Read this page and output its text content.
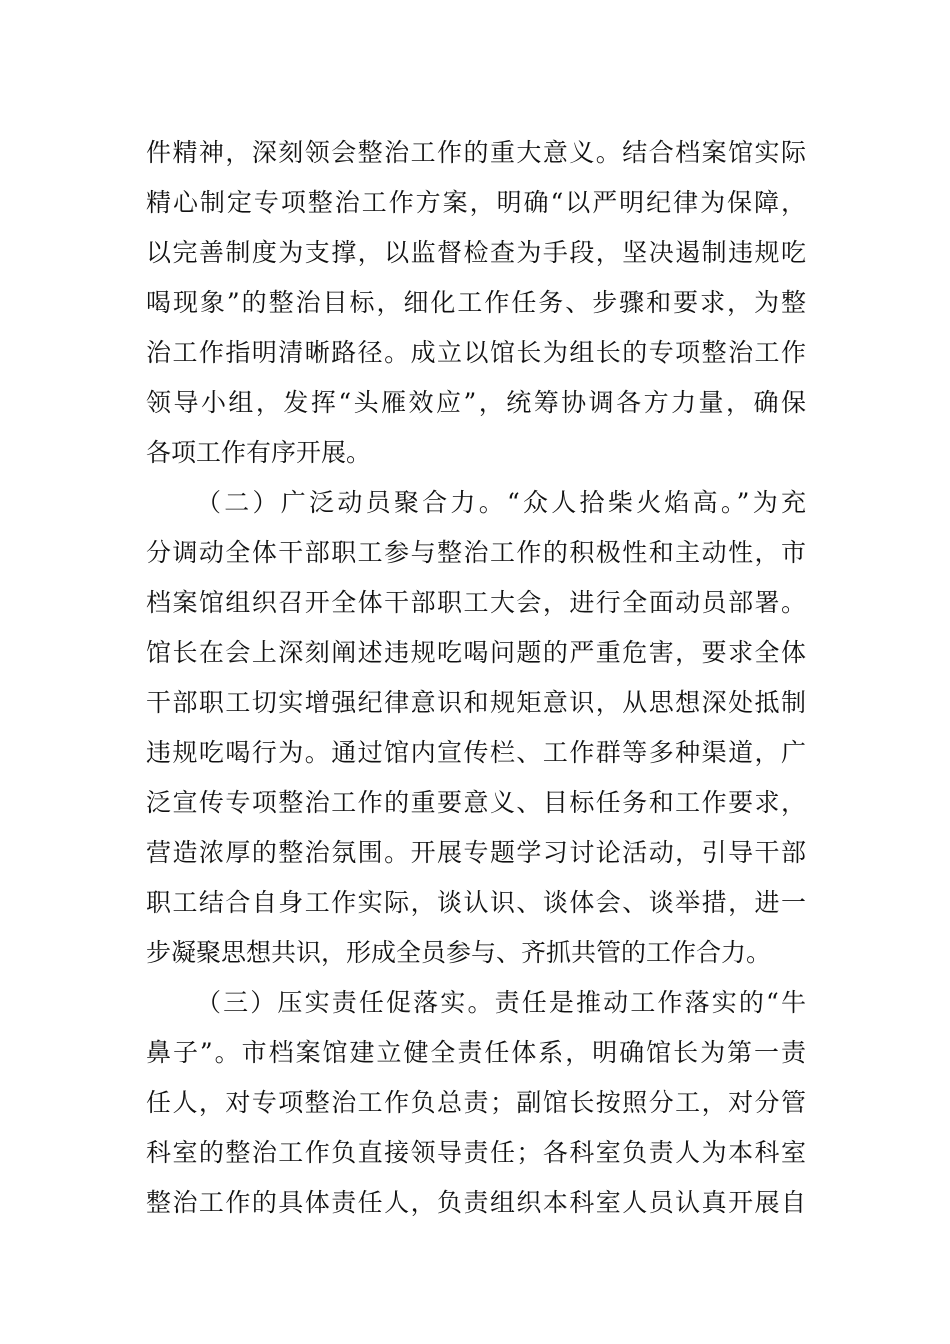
件精神，深刻领会整治工作的重大意义。结合档案馆实际
精心制定专项整治工作方案，明确“以严明纪律为保障，
以完善制度为支撑，以监督检查为手段，坚决遏制违规吃
喝现象”的整治目标，细化工作任务、步骤和要求，为整
治工作指明清晰路径。成立以馆长为组长的专项整治工作
领导小组，发挥“头雁效应”，统筹协调各方力量，确保
各项工作有序开展。
（二）广泛动员聚合力。“众人拾柴火焰高。”为充
分调动全体干部职工参与整治工作的积极性和主动性，市
档案馆组织召开全体干部职工大会，进行全面动员部署。
馆长在会上深刻阐述违规吃喝问题的严重危害，要求全体
干部职工切实增强纪律意识和规矩意识，从思想深处抵制
违规吃喝行为。通过馆内宣传栏、工作群等多种渠道，广
泛宣传专项整治工作的重要意义、目标任务和工作要求，
营造浓厚的整治氛围。开展专题学习讨论活动，引导干部
职工结合自身工作实际，谈认识、谈体会、谈举措，进一
步凝聚思想共识，形成全员参与、齐抓共管的工作合力。
（三）压实责任促落实。责任是推动工作落实的“牛
鼻子”。市档案馆建立健全责任体系，明确馆长为第一责
任人，对专项整治工作负总责；副馆长按照分工，对分管
科室的整治工作负直接领导责任；各科室负责人为本科室
整治工作的具体责任人，负责组织本科室人员认真开展自
